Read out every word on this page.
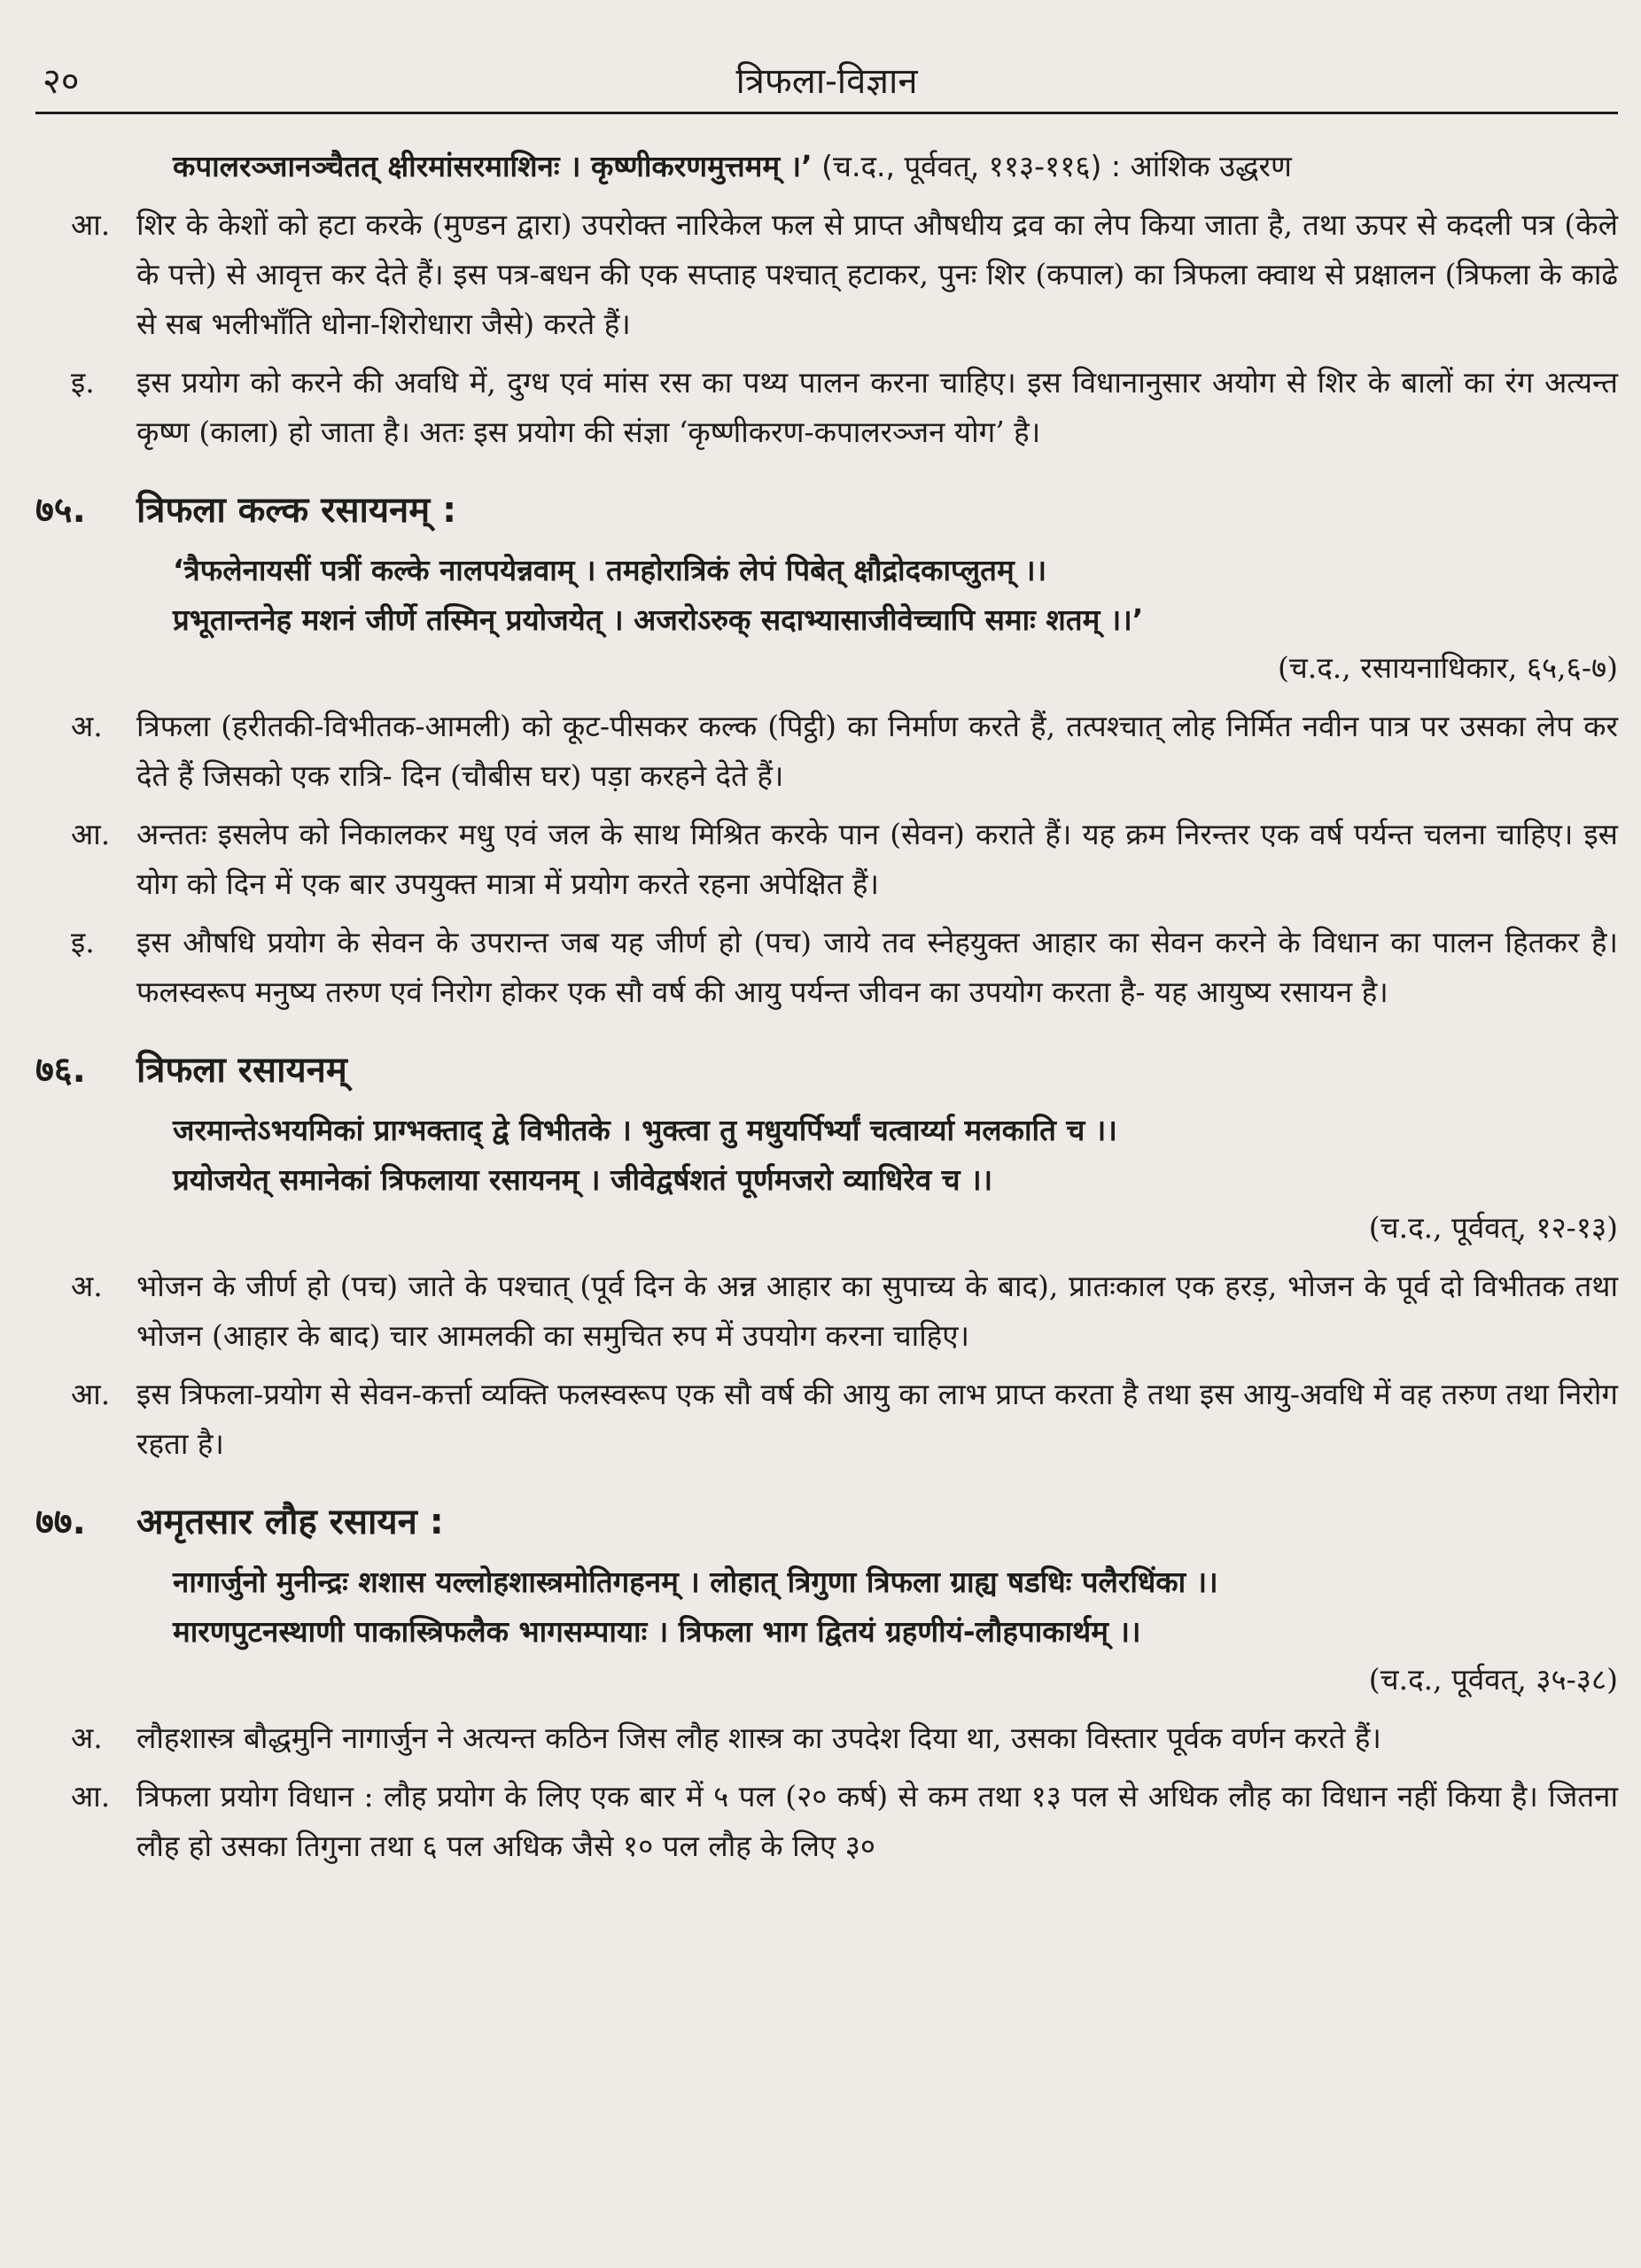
२०	त्रिफला-विज्ञान
कपालरञ्जानञ्चैतत् क्षीरमांसरमाशिनः । कृष्णीकरणमुत्तमम् ।’ (च.द., पूर्ववत्, ११३-११६) : आंशिक उद्धरण
आ. शिर के केशों को हटा करके (मुण्डन द्वारा) उपरोक्त नारिकेल फल से प्राप्त औषधीय द्रव का लेप किया जाता है, तथा ऊपर से कदली पत्र (केले के पत्ते) से आवृत्त कर देते हैं। इस पत्र-बधन की एक सप्ताह पश्चात् हटाकर, पुनः शिर (कपाल) का त्रिफला क्वाथ से प्रक्षालन (त्रिफला के काढे से सब भलीभाँति धोना-शिरोधारा जैसे) करते हैं।
इ.	इस प्रयोग को करने की अवधि में, दुग्ध एवं मांस रस का पथ्य पालन करना चाहिए। इस विधानानुसार अयोग से शिर के बालों का रंग अत्यन्त कृष्ण (काला) हो जाता है। अतः इस प्रयोग की संज्ञा ‘कृष्णीकरण-कपालरञ्जन योग’ है।
७५. त्रिफला कल्क रसायनम् :
‘त्रैफलेनायसीं पत्रीं कल्के नालपयेन्नवाम् । तमहोरात्रिकं लेपं पिबेत् क्षौद्रोदकाप्लुतम् ।।
प्रभूतान्तनेह मशनं जीर्णे तस्मिन् प्रयोजयेत् । अजरोऽरुक् सदाभ्यासाजीवेच्चापि समाः शतम् ।।’
(च.द., रसायनाधिकार, ६५,६-७)
अ.	त्रिफला (हरीतकी-विभीतक-आमली) को कूट-पीसकर कल्क (पिट्ठी) का निर्माण करते हैं, तत्पश्चात् लोह निर्मित नवीन पात्र पर उसका लेप कर देते हैं जिसको एक रात्रि- दिन (चौबीस घर) पड़ा करहने देते हैं।
आ. अन्ततः इसलेप को निकालकर मधु एवं जल के साथ मिश्रित करके पान (सेवन) कराते हैं। यह क्रम निरन्तर एक वर्ष पर्यन्त चलना चाहिए। इस योग को दिन में एक बार उपयुक्त मात्रा में प्रयोग करते रहना अपेक्षित हैं।
इ.	इस औषधि प्रयोग के सेवन के उपरान्त जब यह जीर्ण हो (पच) जाये तव स्नेहयुक्त आहार का सेवन करने के विधान का पालन हितकर है। फलस्वरूप मनुष्य तरुण एवं निरोग होकर एक सौ वर्ष की आयु पर्यन्त जीवन का उपयोग करता है- यह आयुष्य रसायन है।
७६. त्रिफला रसायनम्
जरमान्तेऽभयमिकां प्राग्भक्ताद् द्वे विभीतके । भुक्त्वा तु मधुयर्पिर्भ्यां चत्वार्य्या मलकाति च ।।
प्रयोजयेत् समानेकां त्रिफलाया रसायनम् । जीवेद्वर्षशतं पूर्णमजरो व्याधिरेव च ।।
(च.द., पूर्ववत्, १२-१३)
अ.	भोजन के जीर्ण हो (पच) जाते के पश्चात् (पूर्व दिन के अन्न आहार का सुपाच्य के बाद), प्रातःकाल एक हरड़, भोजन के पूर्व दो विभीतक तथा भोजन (आहार के बाद) चार आमलकी का समुचित रुप में उपयोग करना चाहिए।
आ. इस त्रिफला-प्रयोग से सेवन-कर्त्ता व्यक्ति फलस्वरूप एक सौ वर्ष की आयु का लाभ प्राप्त करता है तथा इस आयु-अवधि में वह तरुण तथा निरोग रहता है।
७७. अमृतसार लौह रसायन :
नागार्जुनो मुनीन्द्रः शशास यल्लोहशास्त्रमोतिगहनम् । लोहात् त्रिगुणा त्रिफला ग्राह्य षडधिः पलैरधिंका ।।
मारणपुटनस्थाणी पाकास्त्रिफलैक भागसम्पायाः । त्रिफला भाग द्वितयं ग्रहणीयं-लौहपाकार्थम् ।।
(च.द., पूर्ववत्, ३५-३८)
अ.	लौहशास्त्र बौद्धमुनि नागार्जुन ने अत्यन्त कठिन जिस लौह शास्त्र का उपदेश दिया था, उसका विस्तार पूर्वक वर्णन करते हैं।
आ. त्रिफला प्रयोग विधान : लौह प्रयोग के लिए एक बार में ५ पल (२० कर्ष) से कम तथा १३ पल से अधिक लौह का विधान नहीं किया है। जितना लौह हो उसका तिगुना तथा ६ पल अधिक जैसे १० पल लौह के लिए ३०
